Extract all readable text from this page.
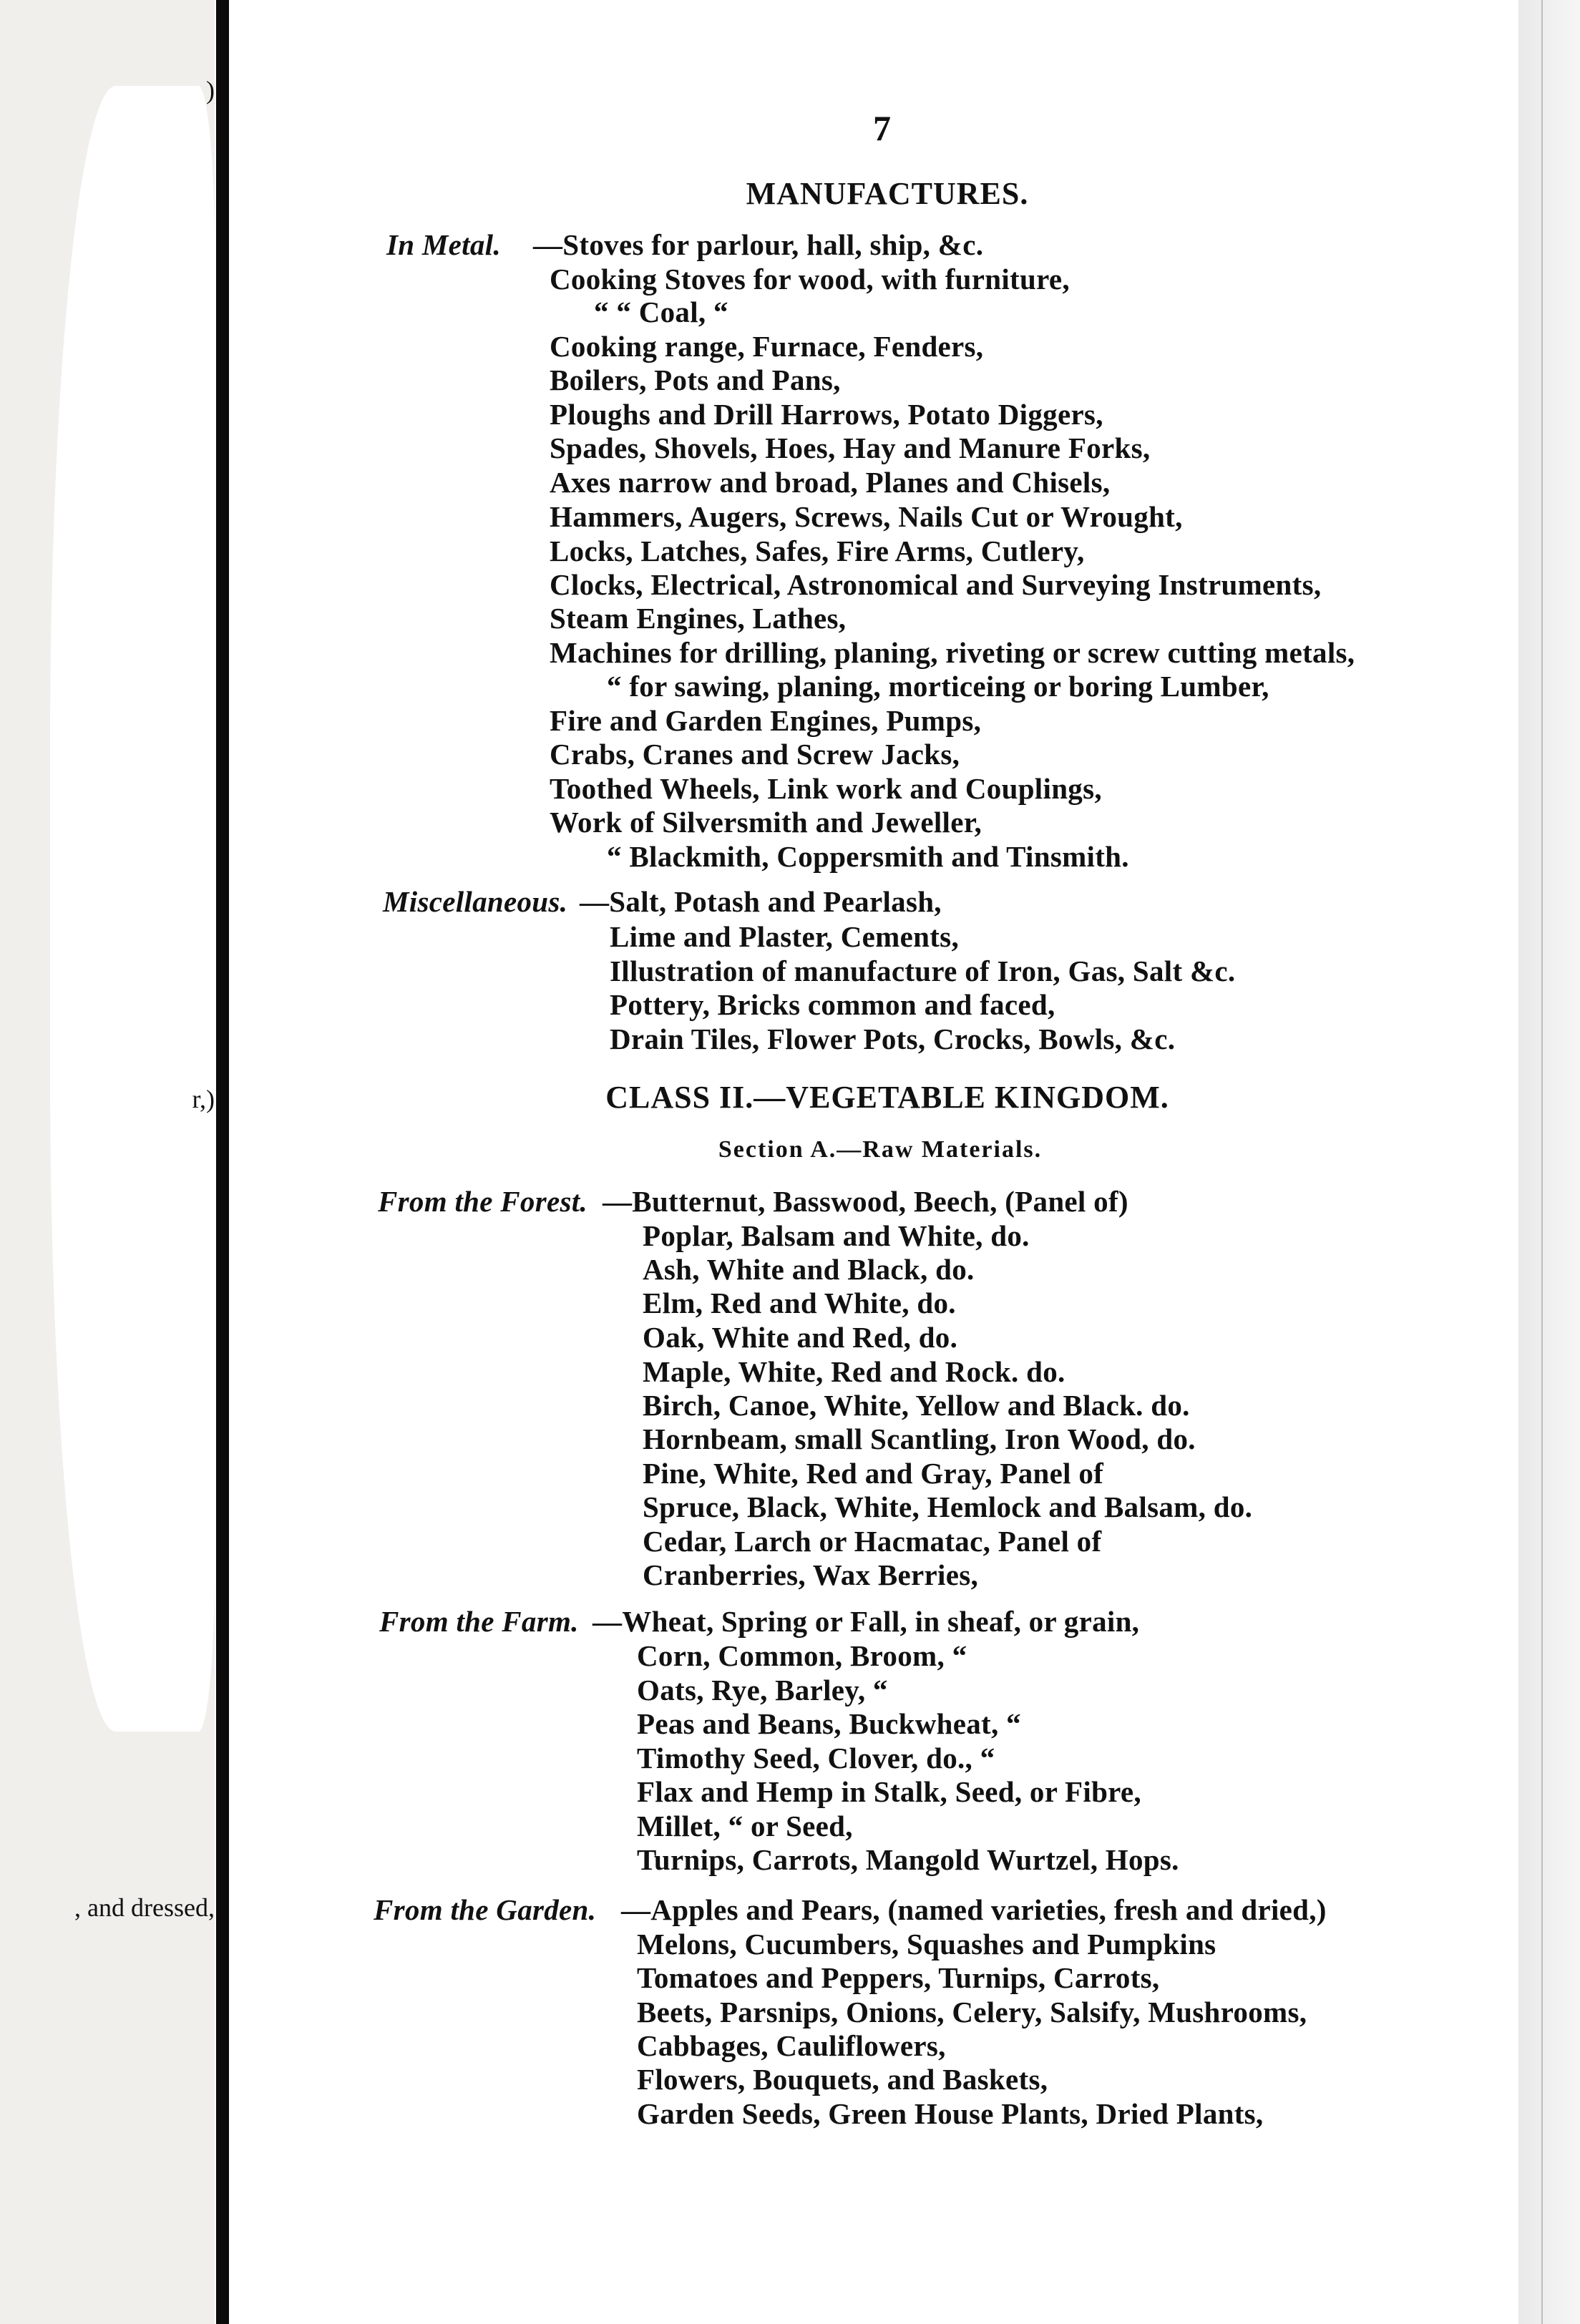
)
r,)
, and dressed,
7
MANUFACTURES.
In Metal. —Stoves for parlour, hall, ship, &c.
Cooking Stoves for wood, with furniture,
“ “ Coal, “
Cooking range, Furnace, Fenders,
Boilers, Pots and Pans,
Ploughs and Drill Harrows, Potato Diggers,
Spades, Shovels, Hoes, Hay and Manure Forks,
Axes narrow and broad, Planes and Chisels,
Hammers, Augers, Screws, Nails Cut or Wrought,
Locks, Latches, Safes, Fire Arms, Cutlery,
Clocks, Electrical, Astronomical and Surveying Instruments,
Steam Engines, Lathes,
Machines for drilling, planing, riveting or screw cutting metals,
“ for sawing, planing, morticeing or boring Lumber,
Fire and Garden Engines, Pumps,
Crabs, Cranes and Screw Jacks,
Toothed Wheels, Link work and Couplings,
Work of Silversmith and Jeweller,
“ Blackmith, Coppersmith and Tinsmith.
Miscellaneous. —Salt, Potash and Pearlash,
Lime and Plaster, Cements,
Illustration of manufacture of Iron, Gas, Salt &c.
Pottery, Bricks common and faced,
Drain Tiles, Flower Pots, Crocks, Bowls, &c.
CLASS II.—VEGETABLE KINGDOM.
Section A.—Raw Materials.
From the Forest. —Butternut, Basswood, Beech, (Panel of)
Poplar, Balsam and White, do.
Ash, White and Black, do.
Elm, Red and White, do.
Oak, White and Red, do.
Maple, White, Red and Rock. do.
Birch, Canoe, White, Yellow and Black. do.
Hornbeam, small Scantling, Iron Wood, do.
Pine, White, Red and Gray, Panel of
Spruce, Black, White, Hemlock and Balsam, do.
Cedar, Larch or Hacmatac, Panel of
Cranberries, Wax Berries,
From the Farm. —Wheat, Spring or Fall, in sheaf, or grain,
Corn, Common, Broom, “
Oats, Rye, Barley, “
Peas and Beans, Buckwheat, “
Timothy Seed, Clover, do., “
Flax and Hemp in Stalk, Seed, or Fibre,
Millet, “ or Seed,
Turnips, Carrots, Mangold Wurtzel, Hops.
From the Garden. —Apples and Pears, (named varieties, fresh and dried,)
Melons, Cucumbers, Squashes and Pumpkins
Tomatoes and Peppers, Turnips, Carrots,
Beets, Parsnips, Onions, Celery, Salsify, Mushrooms,
Cabbages, Cauliflowers,
Flowers, Bouquets, and Baskets,
Garden Seeds, Green House Plants, Dried Plants,
